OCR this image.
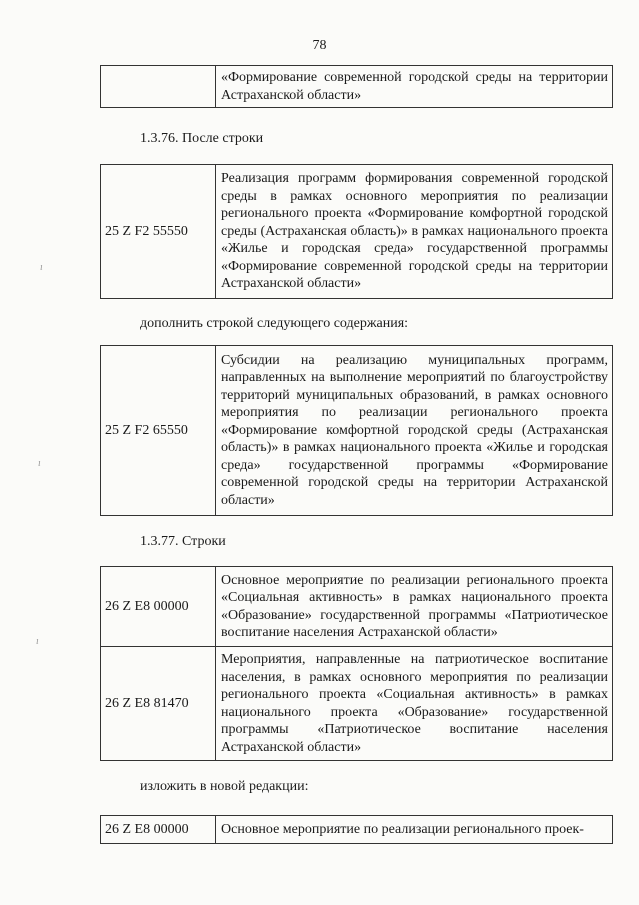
78
	«Формирование современной городской среды на территории Астраханской области»
1.3.76. После строки
25 Z F2 55550	Реализация программ формирования современной городской среды в рамках основного мероприятия по реализации регионального проекта «Формирование комфортной городской среды (Астраханская область)» в рамках национального проекта «Жилье и городская среда» государственной программы «Формирование современной городской среды на территории Астраханской области»
дополнить строкой следующего содержания:
25 Z F2 65550	Субсидии на реализацию муниципальных программ, направленных на выполнение мероприятий по благоустройству территорий муниципальных образований, в рамках основного мероприятия по реализации регионального проекта «Формирование комфортной городской среды (Астраханская область)» в рамках национального проекта «Жилье и городская среда» государственной программы «Формирование современной городской среды на территории Астраханской области»
1.3.77. Строки
26 Z E8 00000	Основное мероприятие по реализации регионального проекта «Социальная активность» в рамках национального проекта «Образование» государственной программы «Патриотическое воспитание населения Астраханской области»
26 Z E8 81470	Мероприятия, направленные на патриотическое воспитание населения, в рамках основного мероприятия по реализации регионального проекта «Социальная активность» в рамках национального проекта «Образование» государственной программы «Патриотическое воспитание населения Астраханской области»
изложить в новой редакции:
26 Z E8 00000	Основное мероприятие по реализации регионального проек-
ı
ı
ı
